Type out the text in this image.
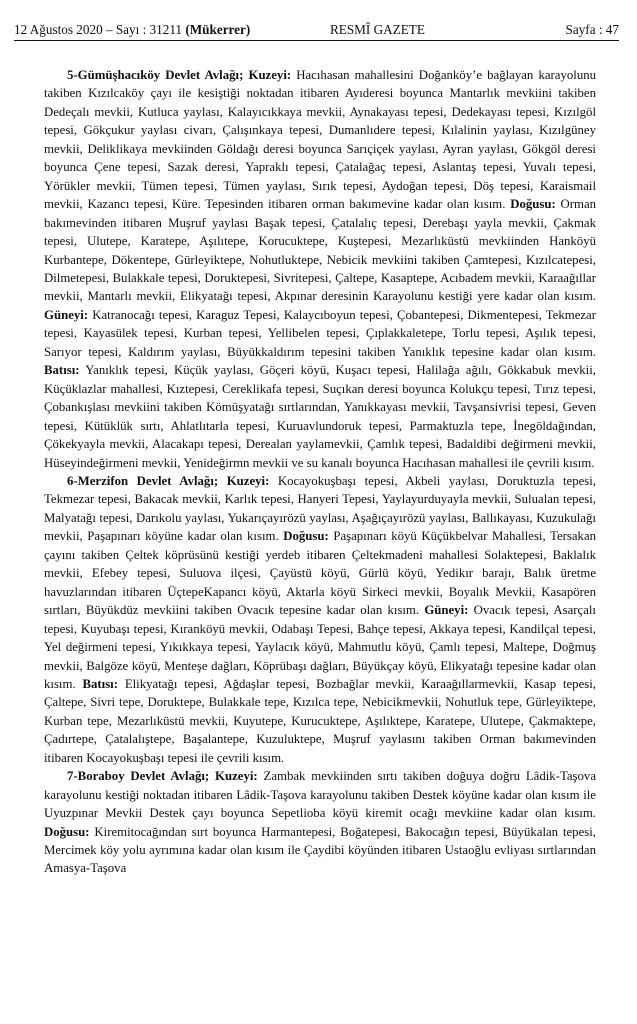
12 Ağustos 2020 – Sayı : 31211 (Mükerrer)	RESMÎ GAZETE	Sayfa : 47

5-Gümüşhacıköy Devlet Avlağı; Kuzeyi: Hacıhasan mahallesini Doğanköy’e bağlayan karayolunu takiben Kızılcaköy çayı ile kesiştiği noktadan itibaren Ayıderesi boyunca Mantarlık mevkiini takiben Dedeçalı mevkii, Kutluca yaylası, Kalayıcıkkaya mevkii, Aynakayası tepesi, Dedekayası tepesi, Kızılgöl tepesi, Gökçukur yaylası civarı, Çalışınkaya tepesi, Dumanlıdere tepesi, Kılalinin yaylası, Kızılgüney mevkii, Deliklikaya mevkiinden Göldağı deresi boyunca Sarıçiçek yaylası, Ayran yaylası, Gökgöl deresi boyunca Çene tepesi, Sazak deresi, Yapraklı tepesi, Çatalağaç tepesi, Aslantaş tepesi, Yuvalı tepesi, Yörükler mevkii, Tümen tepesi, Tümen yaylası, Sırık tepesi, Aydoğan tepesi, Döş tepesi, Karaismail mevkii, Kazancı tepesi, Küre. Tepesinden itibaren orman bakımevine kadar olan kısım. Doğusu: Orman bakımevinden itibaren Muşruf yaylası Başak tepesi, Çatalalıç tepesi, Derebaşı yayla mevkii, Çakmak tepesi, Ulutepe, Karatepe, Aşılıtepe, Korucuktepe, Kuştepesi, Mezarlıküstü mevkiinden Hanköyü Kurbantepe, Dökentepe, Gürleyiktepe, Nohutluktepe, Nebicik mevkiini takiben Çamtepesi, Kızılcatepesi, Dilmetepesi, Bulakkale tepesi, Doruktepesi, Sivritepesi, Çaltepe, Kasaptepe, Acıbadem mevkii, Karaağıllar mevkii, Mantarlı mevkii, Elikyatağı tepesi, Akpınar deresinin Karayolunu kestiği yere kadar olan kısım. Güneyi: Katranocağı tepesi, Karaguz Tepesi, Kalaycıboyun tepesi, Çobantepesi, Dikmentepesi, Tekmezar tepesi, Kayasülek tepesi, Kurban tepesi, Yellibelen tepesi, Çıplakkaletepe, Torlu tepesi, Aşılık tepesi, Sarıyor tepesi, Kaldırım yaylası, Büyükkaldırım tepesini takiben Yanıklık tepesine kadar olan kısım. Batısı: Yanıklık tepesi, Küçük yaylası, Göçeri köyü, Kuşacı tepesi, Halilağa ağılı, Gökkabuk mevkii, Küçüklazlar mahallesi, Kıztepesi, Cereklikafa tepesi, Suçıkan deresi boyunca Kolukçu tepesi, Tırız tepesi, Çobankışlası mevkiini takiben Kömüşyatağı sırtlarından, Yanıkkayası mevkii, Tavşansivrisi tepesi, Geven tepesi, Kütüklük sırtı, Ahlatlıtarla tepesi, Kuruavlundoruk tepesi, Parmaktuzla tepe, İnegöldağından, Çökekyayla mevkii, Alacakapı tepesi, Derealan yaylamevkii, Çamlık tepesi, Badaldibi değirmeni mevkii, Hüseyindeğirmeni mevkii, Yenideğirmn mevkii ve su kanalı boyunca Hacıhasan mahallesi ile çevrili kısım.

6-Merzifon Devlet Avlağı; Kuzeyi: Kocayokuşbaşı tepesi, Akbeli yaylası, Doruktuzla tepesi, Tekmezar tepesi, Bakacak mevkii, Karlık tepesi, Hanyeri Tepesi, Yaylayurduyayla mevkii, Sulualan tepesi, Malyatağı tepesi, Darıkolu yaylası, Yukarıçayırözü yaylası, Aşağıçayırözü yaylası, Ballıkayası, Kuzukulağı mevkii, Paşapınarı köyüne kadar olan kısım. Doğusu: Paşapınarı köyü Küçükbelvar Mahallesi, Tersakan çayını takiben Çeltek köprüsünü kestiği yerdeb itibaren Çeltekmadeni mahallesi Solaktepesi, Baklalık mevkii, Efebey tepesi, Suluova ilçesi, Çayüstü köyü, Gürlü köyü, Yedikır barajı, Balık üretme havuzlarından itibaren ÜçtepeKapancı köyü, Aktarla köyü Sirkeci mevkii, Boyalık Mevkii, Kasapören sırtları, Büyükdüz mevkiini takiben Ovacık tepesine kadar olan kısım. Güneyi: Ovacık tepesi, Asarçalı tepesi, Kuyubaşı tepesi, Kıranköyü mevkii, Odabaşı Tepesi, Bahçe tepesi, Akkaya tepesi, Kandilçal tepesi, Yel değirmeni tepesi, Yıkıkkaya tepesi, Yaylacık köyü, Mahmutlu köyü, Çamlı tepesi, Maltepe, Doğmuş mevkii, Balgöze köyü, Menteşe dağları, Köprübaşı dağları, Büyükçay köyü, Elikyatağı tepesine kadar olan kısım. Batısı: Elikyatağı tepesi, Ağdaşlar tepesi, Bozbağlar mevkii, Karaağıllarmevkii, Kasap tepesi, Çaltepe, Sivri tepe, Doruktepe, Bulakkale tepe, Kızılca tepe, Nebicikmevkii, Nohutluk tepe, Gürleyiktepe, Kurban tepe, Mezarlıküstü mevkii, Kuyutepe, Kurucuktepe, Aşılıktepe, Karatepe, Ulutepe, Çakmaktepe, Çadırtepe, Çatalalıştepe, Başalantepe, Kuzuluktepe, Muşruf yaylasını takiben Orman bakımevinden itibaren Kocayokuşbaşı tepesi ile çevrili kısım.

7-Boraboy Devlet Avlağı; Kuzeyi: Zambak mevkiinden sırtı takiben doğuya doğru Lâdik-Taşova karayolunu kestiği noktadan itibaren Lâdik-Taşova karayolunu takiben Destek köyüne kadar olan kısım ile Uyuzpınar Mevkii Destek çayı boyunca Sepetlioba köyü kiremit ocağı mevkiine kadar olan kısım. Doğusu: Kiremitocağından sırt boyunca Harmantepesi, Boğatepesi, Bakocağın tepesi, Büyükalan tepesi, Mercimek köy yolu ayrımına kadar olan kısım ile Çaydibi köyünden itibaren Ustaoğlu evliyası sırtlarından Amasya-Taşova
